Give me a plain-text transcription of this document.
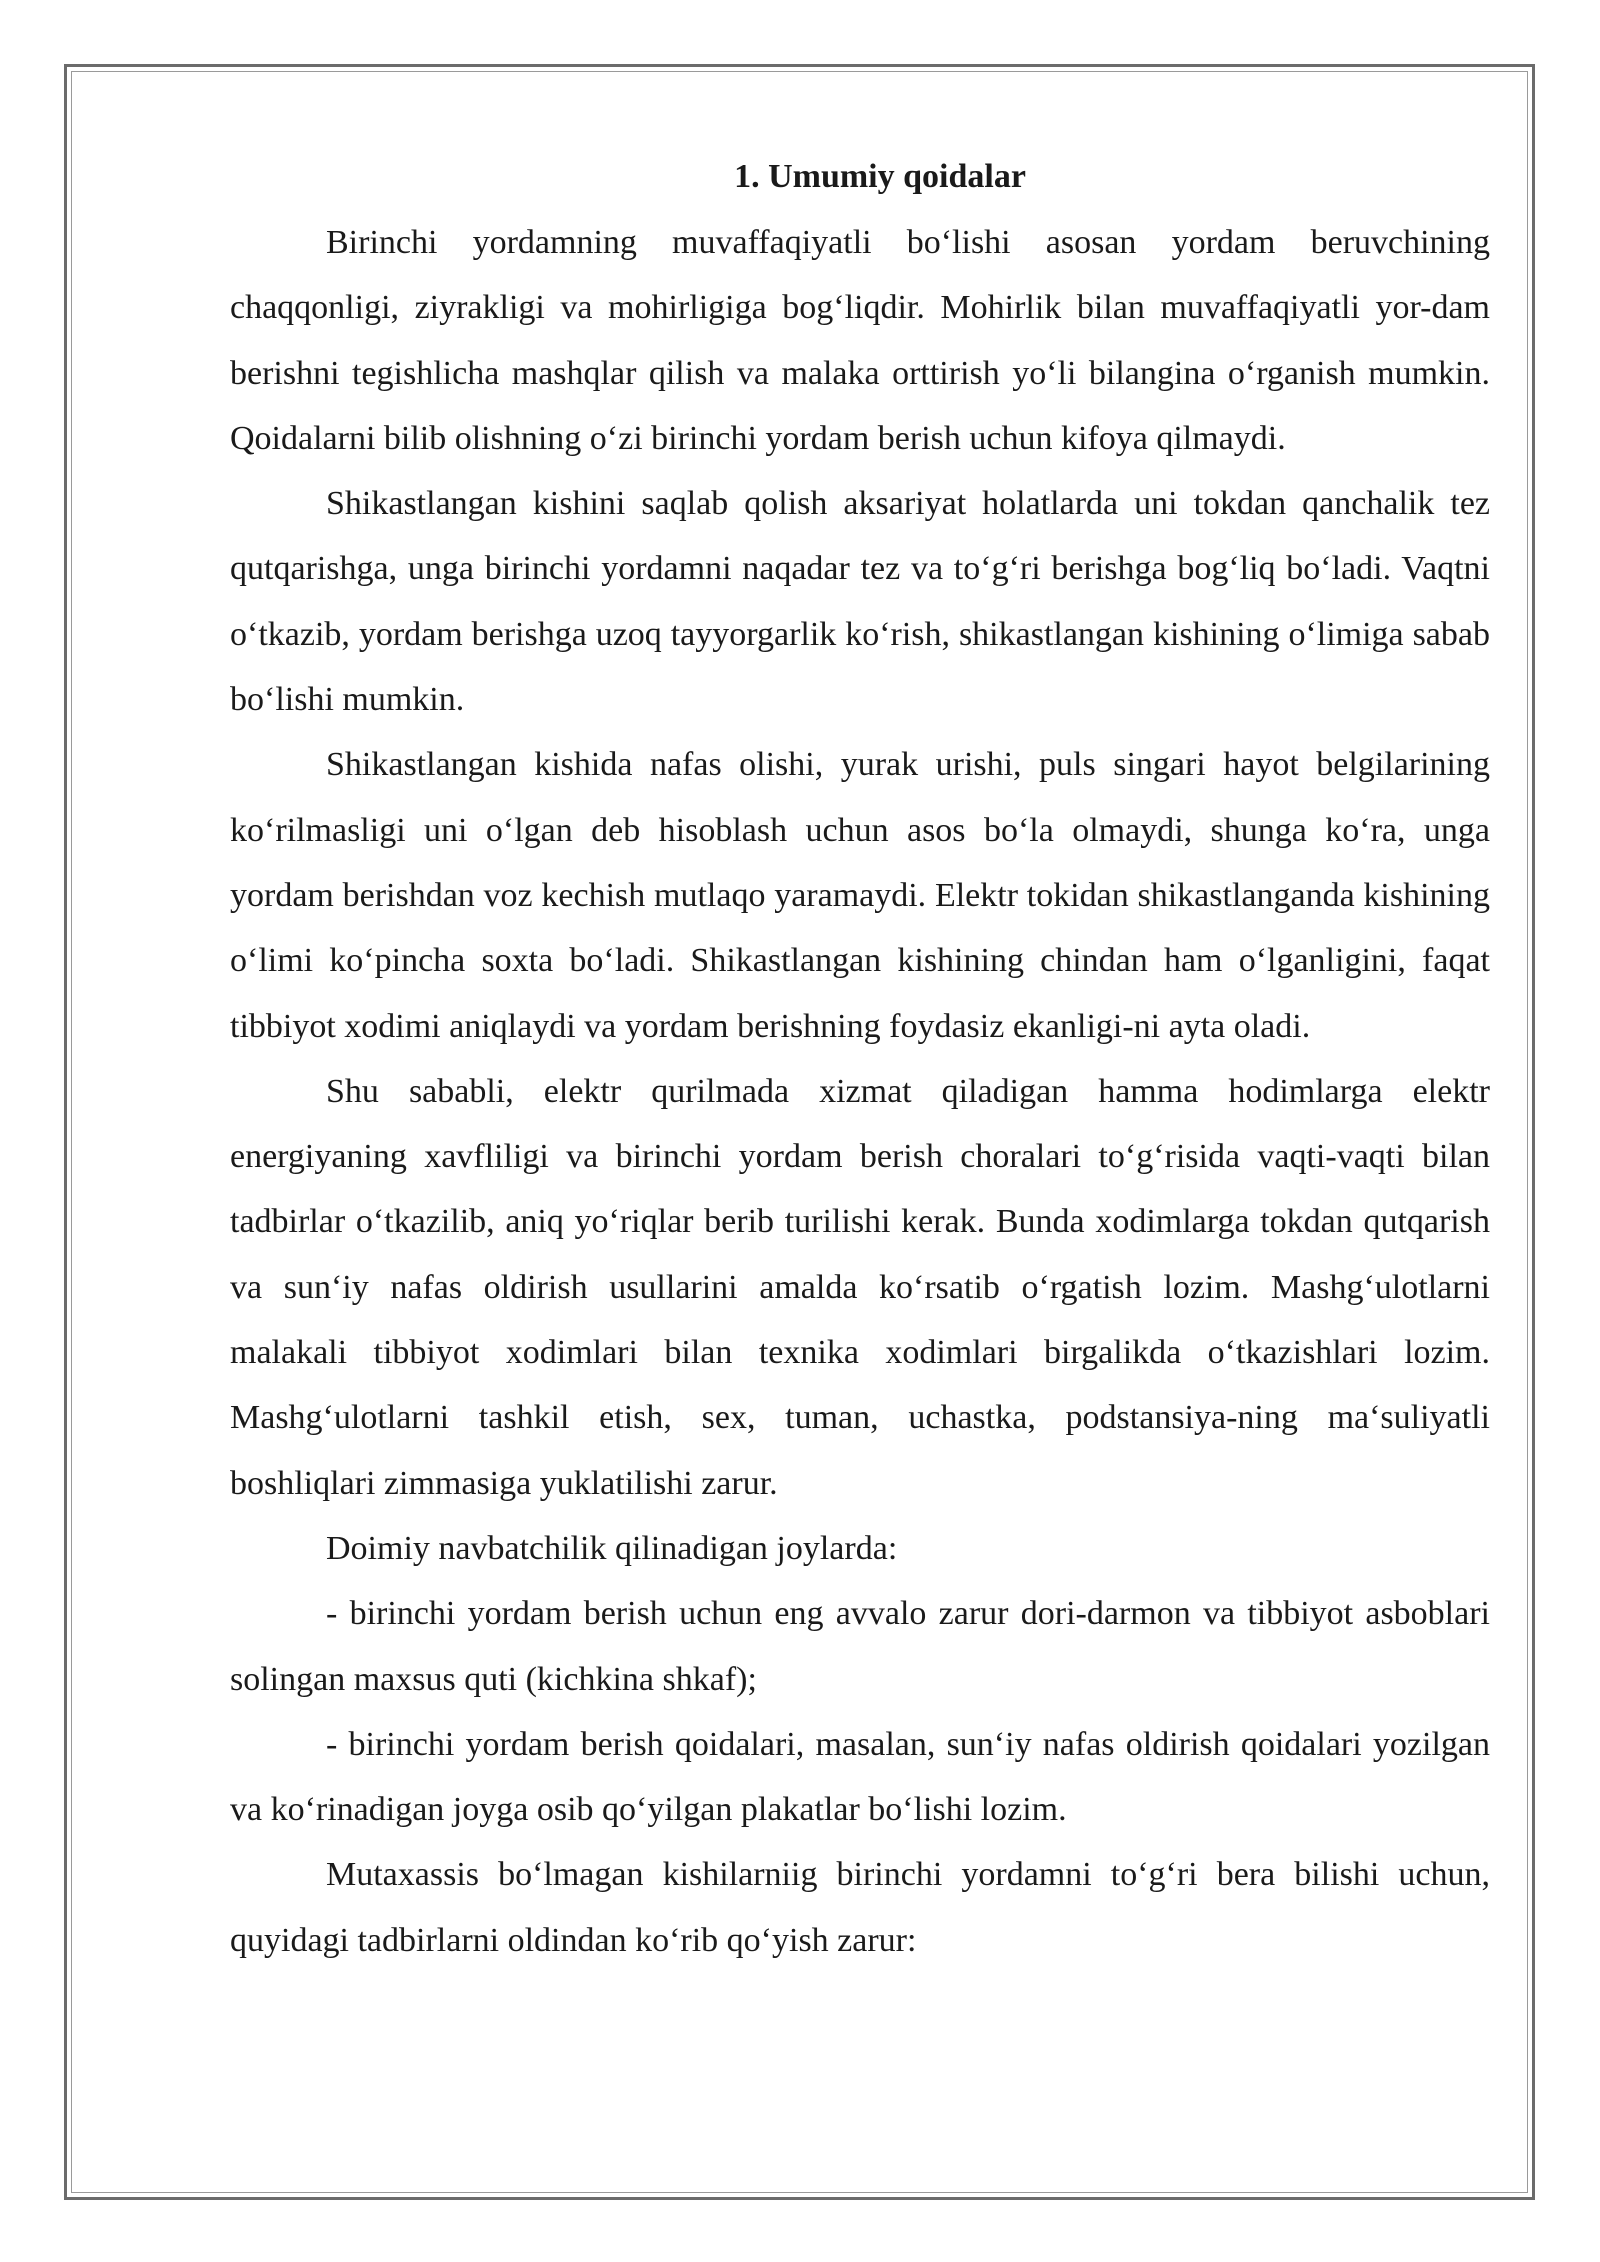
1. Umumiy qoidalar

Birinchi yordamning muvaffaqiyatli bo‘lishi asosan yordam beruvchining chaqqonligi, ziyrakligi va mohirligiga bog‘liqdir. Mohirlik bilan muvaffaqiyatli yor-dam berishni tegishlicha mashqlar qilish va malaka orttirish yo‘li bilangina o‘rganish mumkin. Qoidalarni bilib olishning o‘zi birinchi yordam berish uchun kifoya qilmaydi.

Shikastlangan kishini saqlab qolish aksariyat holatlarda uni tokdan qanchalik tez qutqarishga, unga birinchi yordamni naqadar tez va to‘g‘ri berishga bog‘liq bo‘ladi. Vaqtni o‘tkazib, yordam berishga uzoq tayyorgarlik ko‘rish, shikastlangan kishining o‘limiga sabab bo‘lishi mumkin.

Shikastlangan kishida nafas olishi, yurak urishi, puls singari hayot belgilarining ko‘rilmasligi uni o‘lgan deb hisoblash uchun asos bo‘la olmaydi, shunga ko‘ra, unga yordam berishdan voz kechish mutlaqo yaramaydi. Elektr tokidan shikastlanganda kishining o‘limi ko‘pincha soxta bo‘ladi. Shikastlangan kishining chindan ham o‘lganligini, faqat tibbiyot xodimi aniqlaydi va yordam berishning foydasiz ekanligi-ni ayta oladi.

Shu sababli, elektr qurilmada xizmat qiladigan hamma hodimlarga elektr energiyaning xavfliligi va birinchi yordam berish choralari to‘g‘risida vaqti-vaqti bilan tadbirlar o‘tkazilib, aniq yo‘riqlar berib turilishi kerak. Bunda xodimlarga tokdan qutqarish va sun‘iy nafas oldirish usullarini amalda ko‘rsatib o‘rgatish lozim. Mashg‘ulotlarni malakali tibbiyot xodimlari bilan texnika xodimlari birgalikda o‘tkazishlari lozim. Mashg‘ulotlarni tashkil etish, sex, tuman, uchastka, podstansiya-ning ma‘suliyatli boshliqlari zimmasiga yuklatilishi zarur.

Doimiy navbatchilik qilinadigan joylarda:

- birinchi yordam berish uchun eng avvalo zarur dori-darmon va tibbiyot asboblari solingan maxsus quti (kichkina shkaf);

- birinchi yordam berish qoidalari, masalan, sun‘iy nafas oldirish qoidalari yozilgan va ko‘rinadigan joyga osib qo‘yilgan plakatlar bo‘lishi lozim.

Mutaxassis bo‘lmagan kishilarniig birinchi yordamni to‘g‘ri bera bilishi uchun, quyidagi tadbirlarni oldindan ko‘rib qo‘yish zarur:
